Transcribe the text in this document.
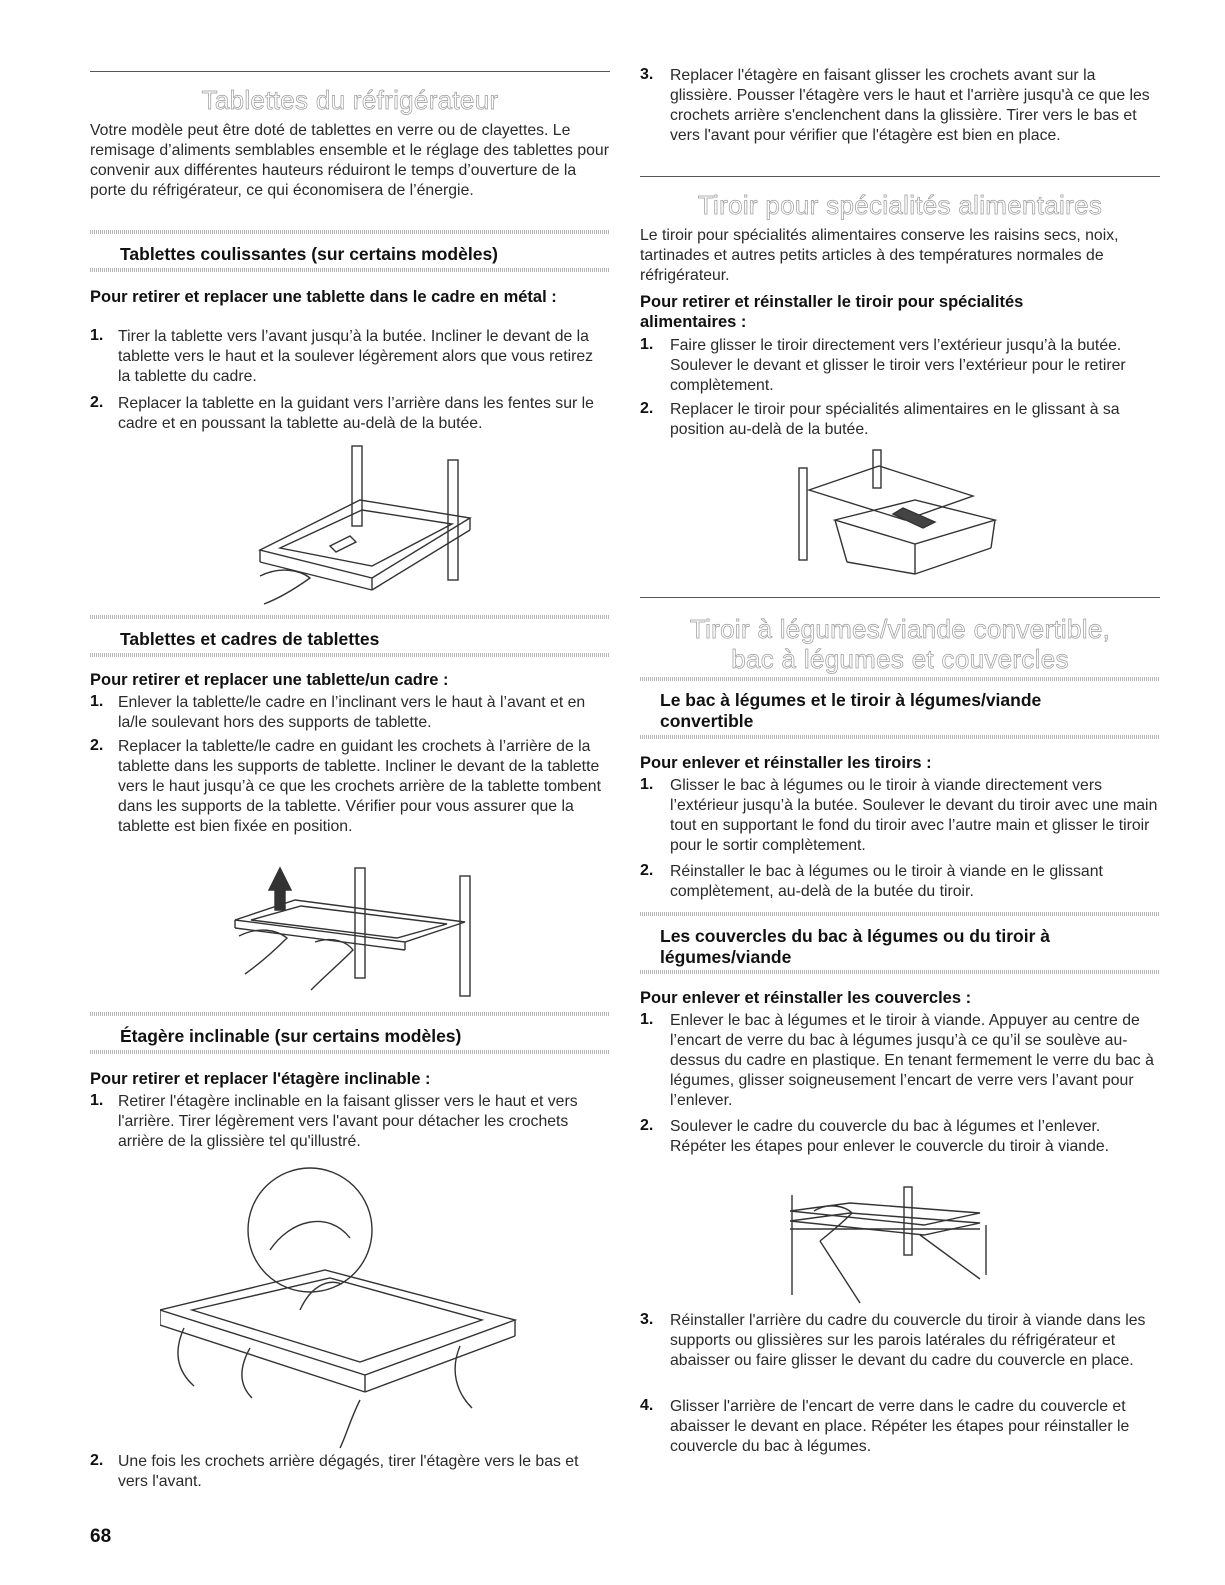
Tablettes du réfrigérateur
Votre modèle peut être doté de tablettes en verre ou de clayettes. Le remisage d’aliments semblables ensemble et le réglage des tablettes pour convenir aux différentes hauteurs réduiront le temps d’ouverture de la porte du réfrigérateur, ce qui économisera de l’énergie.
Tablettes coulissantes (sur certains modèles)
Pour retirer et replacer une tablette dans le cadre en métal :
1. Tirer la tablette vers l’avant jusqu’à la butée. Incliner le devant de la tablette vers le haut et la soulever légèrement alors que vous retirez la tablette du cadre.
2. Replacer la tablette en la guidant vers l’arrière dans les fentes sur le cadre et en poussant la tablette au-delà de la butée.
Tablettes et cadres de tablettes
Pour retirer et replacer une tablette/un cadre :
1. Enlever la tablette/le cadre en l’inclinant vers le haut à l’avant et en la/le soulevant hors des supports de tablette.
2. Replacer la tablette/le cadre en guidant les crochets à l’arrière de la tablette dans les supports de tablette. Incliner le devant de la tablette vers le haut jusqu’à ce que les crochets arrière de la tablette tombent dans les supports de la tablette. Vérifier pour vous assurer que la tablette est bien fixée en position.
Étagère inclinable (sur certains modèles)
Pour retirer et replacer l'étagère inclinable :
1. Retirer l'étagère inclinable en la faisant glisser vers le haut et vers l'arrière. Tirer légèrement vers l'avant pour détacher les crochets arrière de la glissière tel qu'illustré.
2. Une fois les crochets arrière dégagés, tirer l'étagère vers le bas et vers l'avant.
68
3. Replacer l'étagère en faisant glisser les crochets avant sur la glissière. Pousser l'étagère vers le haut et l'arrière jusqu'à ce que les crochets arrière s'enclenchent dans la glissière. Tirer vers le bas et vers l'avant pour vérifier que l'étagère est bien en place.
Tiroir pour spécialités alimentaires
Le tiroir pour spécialités alimentaires conserve les raisins secs, noix, tartinades et autres petits articles à des températures normales de réfrigérateur.
Pour retirer et réinstaller le tiroir pour spécialités alimentaires :
1. Faire glisser le tiroir directement vers l’extérieur jusqu’à la butée. Soulever le devant et glisser le tiroir vers l’extérieur pour le retirer complètement.
2. Replacer le tiroir pour spécialités alimentaires en le glissant à sa position au-delà de la butée.
Tiroir à légumes/viande convertible,
bac à légumes et couvercles
Le bac à légumes et le tiroir à légumes/viande convertible
Pour enlever et réinstaller les tiroirs :
1. Glisser le bac à légumes ou le tiroir à viande directement vers l’extérieur jusqu’à la butée. Soulever le devant du tiroir avec une main tout en supportant le fond du tiroir avec l’autre main et glisser le tiroir pour le sortir complètement.
2. Réinstaller le bac à légumes ou le tiroir à viande en le glissant complètement, au-delà de la butée du tiroir.
Les couvercles du bac à légumes ou du tiroir à légumes/viande
Pour enlever et réinstaller les couvercles :
1. Enlever le bac à légumes et le tiroir à viande. Appuyer au centre de l’encart de verre du bac à légumes jusqu’à ce qu’il se soulève au-dessus du cadre en plastique. En tenant fermement le verre du bac à légumes, glisser soigneusement l’encart de verre vers l’avant pour l’enlever.
2. Soulever le cadre du couvercle du bac à légumes et l’enlever. Répéter les étapes pour enlever le couvercle du tiroir à viande.
3. Réinstaller l'arrière du cadre du couvercle du tiroir à viande dans les supports ou glissières sur les parois latérales du réfrigérateur et abaisser ou faire glisser le devant du cadre du couvercle en place.
4. Glisser l'arrière de l'encart de verre dans le cadre du couvercle et abaisser le devant en place. Répéter les étapes pour réinstaller le couvercle du bac à légumes.
